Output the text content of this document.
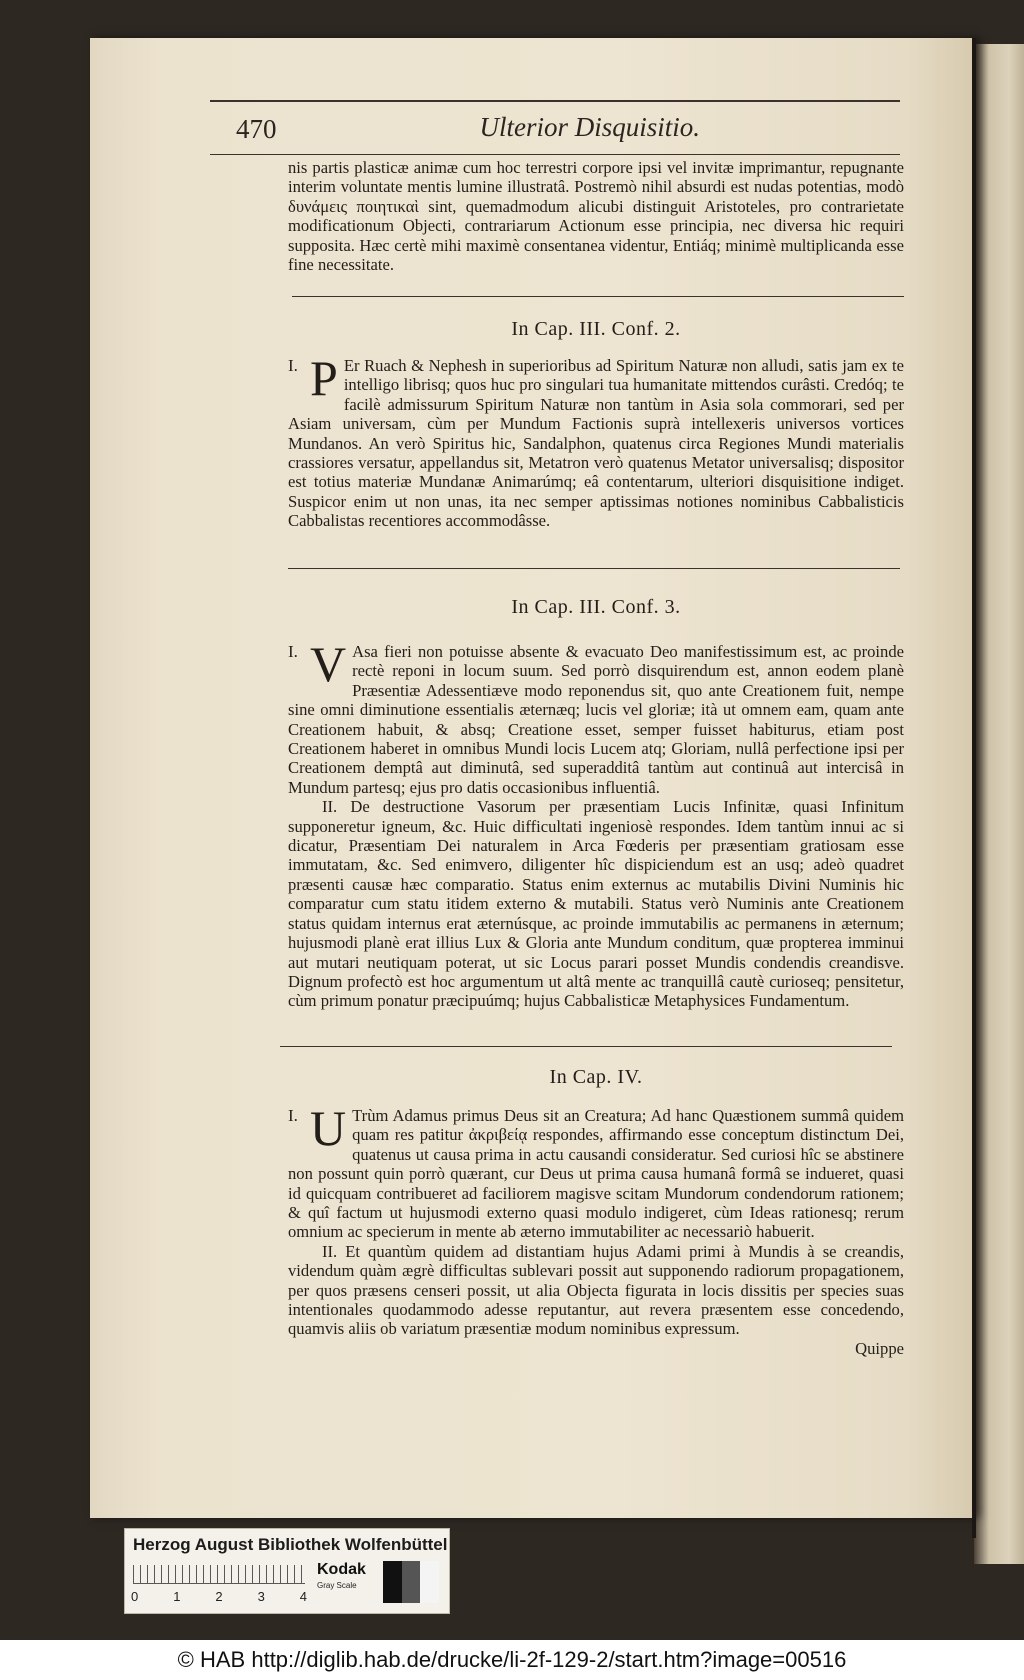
470	Ulterior Disquisitio.

nis partis plasticæ animæ cum hoc terrestri corpore ipsi vel invitæ imprimantur, repugnante interim voluntate mentis lumine illustratâ. Postremò nihil absurdi est nudas potentias, modò δυνάμεις ποιητικαὶ sint, quemadmodum alicubi distinguit Aristoteles, pro contrarietate modificationum Objecti, contrariarum Actionum esse principia, nec diversa hic requiri supposita. Hæc certè mihi maximè consentanea videntur, Entiáq; minimè multiplicanda esse fine necessitate.

In Cap. III. Conf. 2.
I. P Er Ruach & Nephesh in superioribus ad Spiritum Naturæ non alludi, satis jam ex te intelligo librisq; quos huc pro singulari tua humanitate mittendos curâsti. Credóq; te facilè admissurum Spiritum Naturæ non tantùm in Asia sola commorari, sed per Asiam universam, cùm per Mundum Factionis suprà intellexeris universos vortices Mundanos. An verò Spiritus hic, Sandalphon, quatenus circa Regiones Mundi materialis crassiores versatur, appellandus sit, Metatron verò quatenus Metator universalisq; dispositor est totius materiæ Mundanæ Animarúmq; eâ contentarum, ulteriori disquisitione indiget. Suspicor enim ut non unas, ita nec semper aptissimas notiones nominibus Cabbalisticis Cabbalistas recentiores accommodâsse.
In Cap. III. Conf. 3.
I. V Asa fieri non potuisse absente & evacuato Deo manifestissimum est, ac proinde rectè reponi in locum suum. Sed porrò disquirendum est, annon eodem planè Præsentiæ Adessentiæve modo reponendus sit, quo ante Creationem fuit, nempe sine omni diminutione essentialis æternæq; lucis vel gloriæ; ità ut omnem eam, quam ante Creationem habuit, & absq; Creatione esset, semper fuisset habiturus, etiam post Creationem haberet in omnibus Mundi locis Lucem atq; Gloriam, nullâ perfectione ipsi per Creationem demptâ aut diminutâ, sed superadditâ tantùm aut continuâ aut intercisâ in Mundum partesq; ejus pro datis occasionibus influentiâ.

II. De destructione Vasorum per præsentiam Lucis Infinitæ, quasi Infinitum supponeretur igneum, &c. Huic difficultati ingeniosè respondes. Idem tantùm innui ac si dicatur, Præsentiam Dei naturalem in Arca Fœderis per præsentiam gratiosam esse immutatam, &c. Sed enimvero, diligenter hîc dispiciendum est an usq; adeò quadret præsenti causæ hæc comparatio. Status enim externus ac mutabilis Divini Numinis hic comparatur cum statu itidem externo & mutabili. Status verò Numinis ante Creationem status quidam internus erat æternúsque, ac proinde immutabilis ac permanens in æternum; hujusmodi planè erat illius Lux & Gloria ante Mundum conditum, quæ propterea imminui aut mutari neutiquam poterat, ut sic Locus parari posset Mundis condendis creandisve. Dignum profectò est hoc argumentum ut altâ mente ac tranquillâ cautè curioseq; pensitetur, cùm primum ponatur præcipuúmq; hujus Cabbalisticæ Metaphysices Fundamentum.

In Cap. IV.
I. U Trùm Adamus primus Deus sit an Creatura; Ad hanc Quæstionem summâ quidem quam res patitur ἀκριβείᾳ respondes, affirmando esse conceptum distinctum Dei, quatenus ut causa prima in actu causandi consideratur. Sed curiosi hîc se abstinere non possunt quin porrò quærant, cur Deus ut prima causa humanâ formâ se indueret, quasi id quicquam contribueret ad faciliorem magisve scitam Mundorum condendorum rationem; & quî factum ut hujusmodi externo quasi modulo indigeret, cùm Ideas rationesq; rerum omnium ac specierum in mente ab æterno immutabiliter ac necessariò habuerit.

II. Et quantùm quidem ad distantiam hujus Adami primi à Mundis à se creandis, videndum quàm ægrè difficultas sublevari possit aut supponendo radiorum propagationem, per quos præsens censeri possit, ut alia Objecta figurata in locis dissitis per species suas intentionales quodammodo adesse reputantur, aut revera præsentem esse concedendo, quamvis aliis ob variatum præsentiæ modum nominibus expressum.

Quippe

Herzog August Bibliothek Wolfenbüttel
0	1	2	3	4
Kodak
Gray Scale
© HAB http://diglib.hab.de/drucke/li-2f-129-2/start.htm?image=00516
